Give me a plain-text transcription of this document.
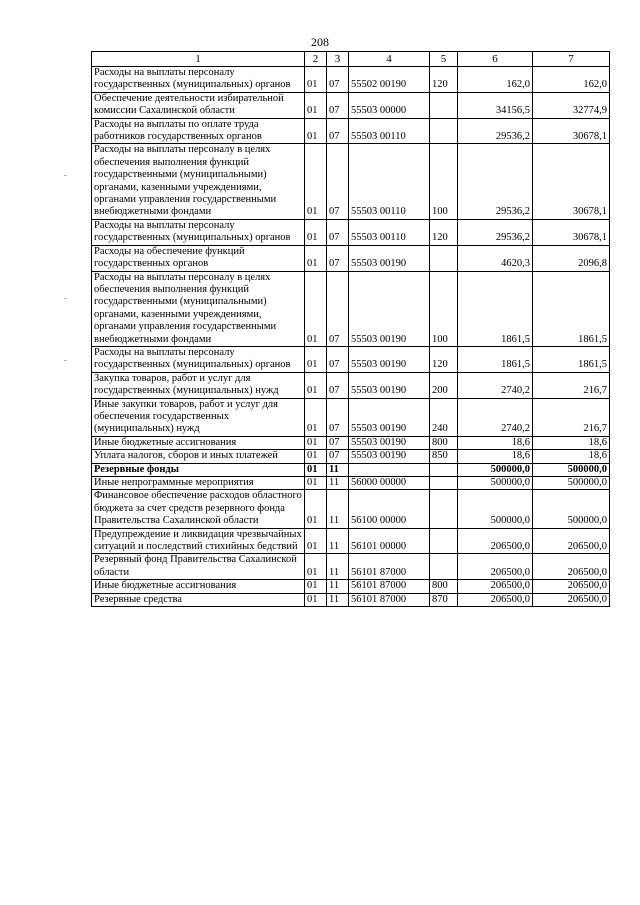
208
1	2	3	4	5	6	7
Расходы на выплаты персоналу государственных (муниципальных) органов	01	07	55502 00190	120	162,0	162,0
Обеспечение деятельности избирательной комиссии Сахалинской области	01	07	55503 00000		34156,5	32774,9
Расходы на выплаты по оплате труда работников государственных органов	01	07	55503 00110		29536,2	30678,1
Расходы на выплаты персоналу в целях обеспечения выполнения функций государственными (муниципальными) органами, казенными учреждениями, органами управления государственными внебюджетными фондами	01	07	55503 00110	100	29536,2	30678,1
Расходы на выплаты персоналу государственных (муниципальных) органов	01	07	55503 00110	120	29536,2	30678,1
Расходы на обеспечение функций государственных органов	01	07	55503 00190		4620,3	2096,8
Расходы на выплаты персоналу в целях обеспечения выполнения функций государственными (муниципальными) органами, казенными учреждениями, органами управления государственными внебюджетными фондами	01	07	55503 00190	100	1861,5	1861,5
Расходы на выплаты персоналу государственных (муниципальных) органов	01	07	55503 00190	120	1861,5	1861,5
Закупка товаров, работ и услуг для государственных (муниципальных) нужд	01	07	55503 00190	200	2740,2	216,7
Иные закупки товаров, работ и услуг для обеспечения государственных (муниципальных) нужд	01	07	55503 00190	240	2740,2	216,7
Иные бюджетные ассигнования	01	07	55503 00190	800	18,6	18,6
Уплата налогов, сборов и иных платежей	01	07	55503 00190	850	18,6	18,6
Резервные фонды	01	11			500000,0	500000,0
Иные непрограммные мероприятия	01	11	56000 00000		500000,0	500000,0
Финансовое обеспечение расходов областного бюджета за счет средств резервного фонда Правительства Сахалинской области	01	11	56100 00000		500000,0	500000,0
Предупреждение и ликвидация чрезвычайных ситуаций и последствий стихийных бедствий	01	11	56101 00000		206500,0	206500,0
Резервный фонд Правительства Сахалинской области	01	11	56101 87000		206500,0	206500,0
Иные бюджетные ассигнования	01	11	56101 87000	800	206500,0	206500,0
Резервные средства	01	11	56101 87000	870	206500,0	206500,0
